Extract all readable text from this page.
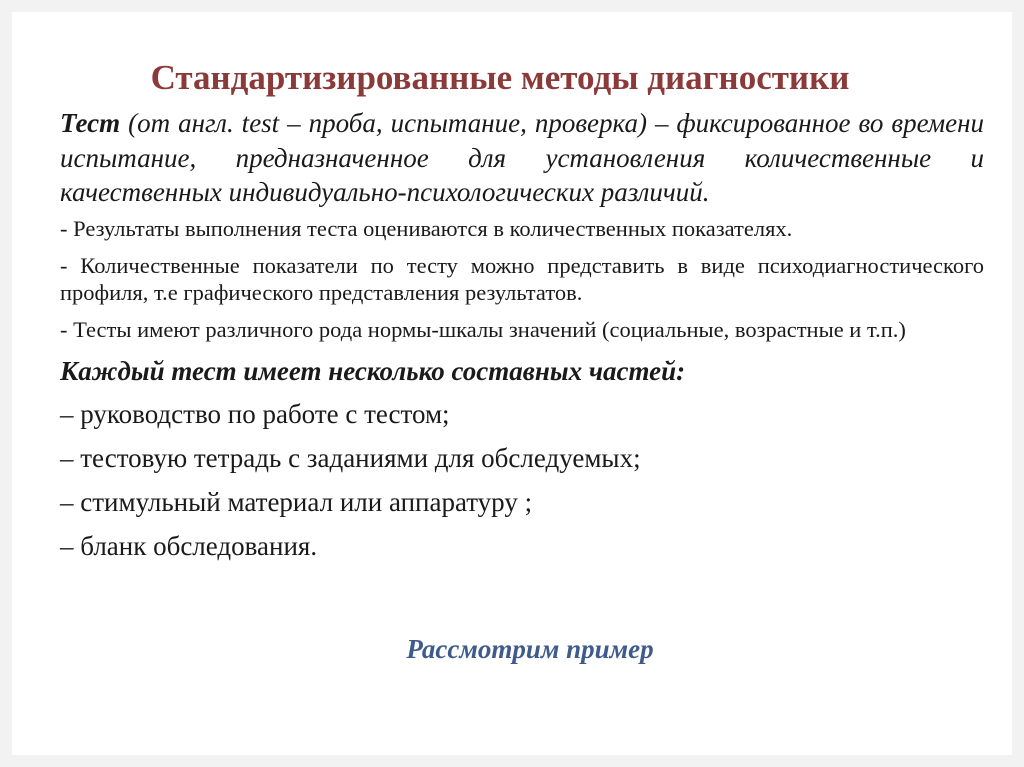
Стандартизированные методы диагностики

Тест (от англ. test – проба, испытание, проверка) – фиксированное во времени испытание, предназначенное для установления количественные и качественных индивидуально-психологических различий.

- Результаты выполнения теста оцениваются в количественных показателях.

- Количественные показатели по тесту можно представить в виде психодиагностического профиля, т.е графического представления результатов.

- Тесты имеют различного рода нормы-шкалы значений (социальные, возрастные и т.п.)

Каждый тест имеет несколько составных частей:
– руководство по работе с тестом;
– тестовую тетрадь с заданиями для обследуемых;
– стимульный материал или аппаратуру ;
– бланк обследования.
Рассмотрим пример
